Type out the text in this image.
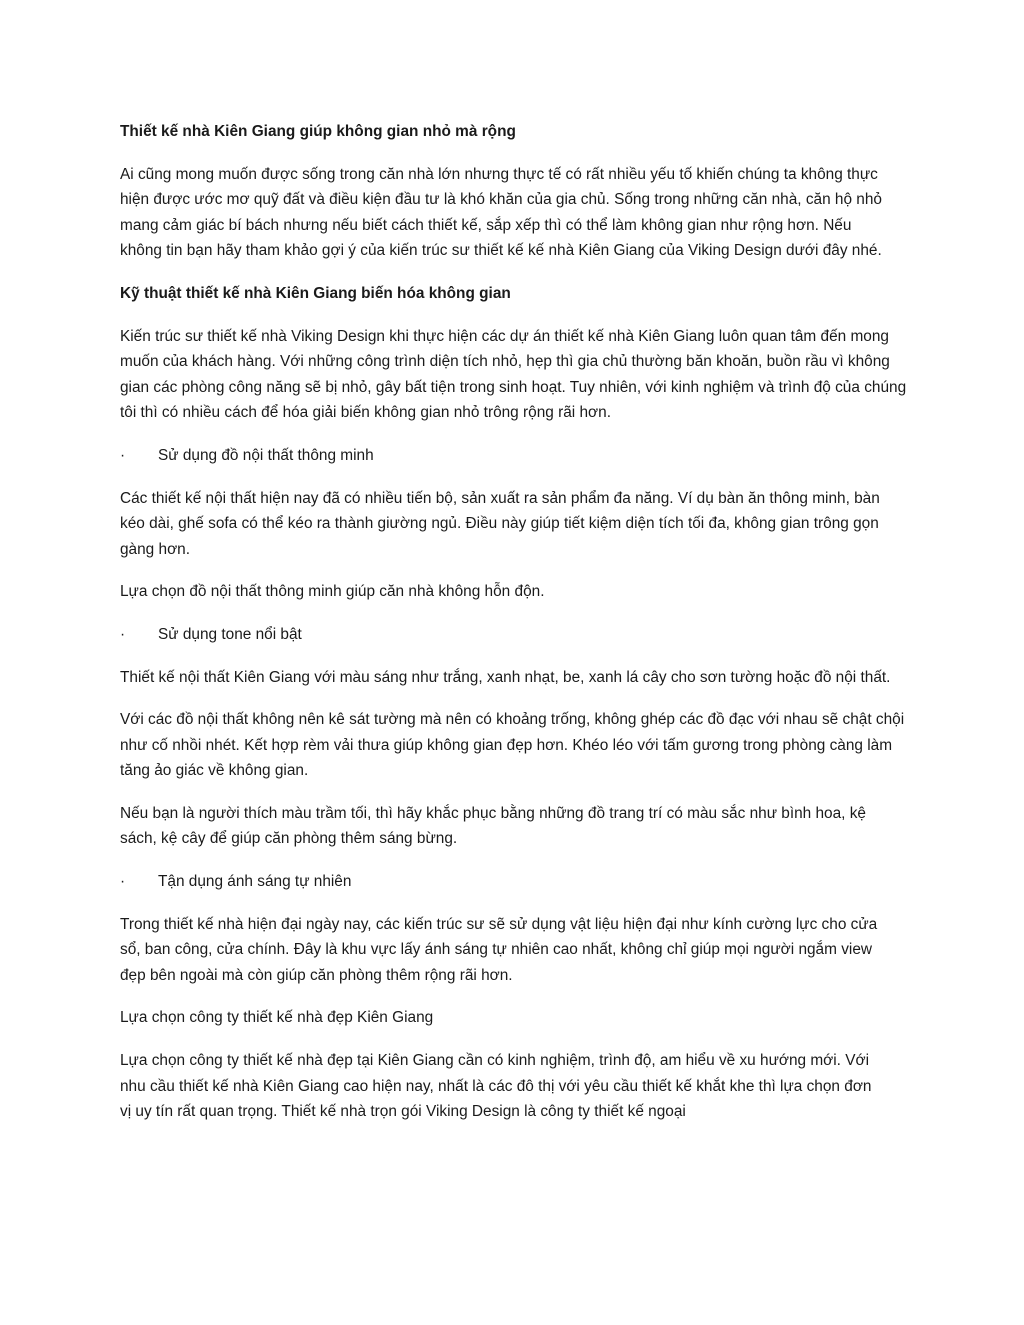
Thiết kế nhà Kiên Giang giúp không gian nhỏ mà rộng

Ai cũng mong muốn được sống trong căn nhà lớn nhưng thực tế có rất nhiều yếu tố khiến chúng ta không thực hiện được ước mơ quỹ đất và điều kiện đầu tư là khó khăn của gia chủ. Sống trong những căn nhà, căn hộ nhỏ mang cảm giác bí bách nhưng nếu biết cách thiết kế, sắp xếp thì có thể làm không gian như rộng hơn. Nếu không tin bạn hãy tham khảo gợi ý của kiến trúc sư thiết kế kế nhà Kiên Giang của Viking Design dưới đây nhé.

Kỹ thuật thiết kế nhà Kiên Giang biến hóa không gian

Kiến trúc sư thiết kế nhà Viking Design khi thực hiện các dự án thiết kế nhà Kiên Giang luôn quan tâm đến mong muốn của khách hàng. Với những công trình diện tích nhỏ, hẹp thì gia chủ thường băn khoăn, buồn rầu vì không gian các phòng công năng sẽ bị nhỏ, gây bất tiện trong sinh hoạt. Tuy nhiên, với kinh nghiệm và trình độ của chúng tôi thì có nhiều cách để hóa giải biến không gian nhỏ trông rộng rãi hơn.

·	Sử dụng đồ nội thất thông minh

Các thiết kế nội thất hiện nay đã có nhiều tiến bộ, sản xuất ra sản phẩm đa năng. Ví dụ bàn ăn thông minh, bàn kéo dài, ghế sofa có thể kéo ra thành giường ngủ. Điều này giúp tiết kiệm diện tích tối đa, không gian trông gọn gàng hơn.

Lựa chọn đồ nội thất thông minh giúp căn nhà không hỗn độn.

·	Sử dụng tone nổi bật

Thiết kế nội thất Kiên Giang với màu sáng như trắng, xanh nhạt, be, xanh lá cây cho sơn tường hoặc đồ nội thất.

Với các đồ nội thất không nên kê sát tường mà nên có khoảng trống, không ghép các đồ đạc với nhau sẽ chật chội như cố nhồi nhét. Kết hợp rèm vải thưa giúp không gian đẹp hơn. Khéo léo với tấm gương trong phòng càng làm tăng ảo giác về không gian.

Nếu bạn là người thích màu trầm tối, thì hãy khắc phục bằng những đồ trang trí có màu sắc như bình hoa, kệ sách, kệ cây để giúp căn phòng thêm sáng bừng.

·	Tận dụng ánh sáng tự nhiên

Trong thiết kế nhà hiện đại ngày nay, các kiến trúc sư sẽ sử dụng vật liệu hiện đại như kính cường lực cho cửa sổ, ban công, cửa chính. Đây là khu vực lấy ánh sáng tự nhiên cao nhất, không chỉ giúp mọi người ngắm view đẹp bên ngoài mà còn giúp căn phòng thêm rộng rãi hơn.

Lựa chọn công ty thiết kế nhà đẹp Kiên Giang

Lựa chọn công ty thiết kế nhà đẹp tại Kiên Giang cần có kinh nghiệm, trình độ, am hiểu về xu hướng mới. Với nhu cầu thiết kế nhà Kiên Giang cao hiện nay, nhất là các đô thị với yêu cầu thiết kế khắt khe thì lựa chọn đơn vị uy tín rất quan trọng. Thiết kế nhà trọn gói Viking Design là công ty thiết kế ngoại
